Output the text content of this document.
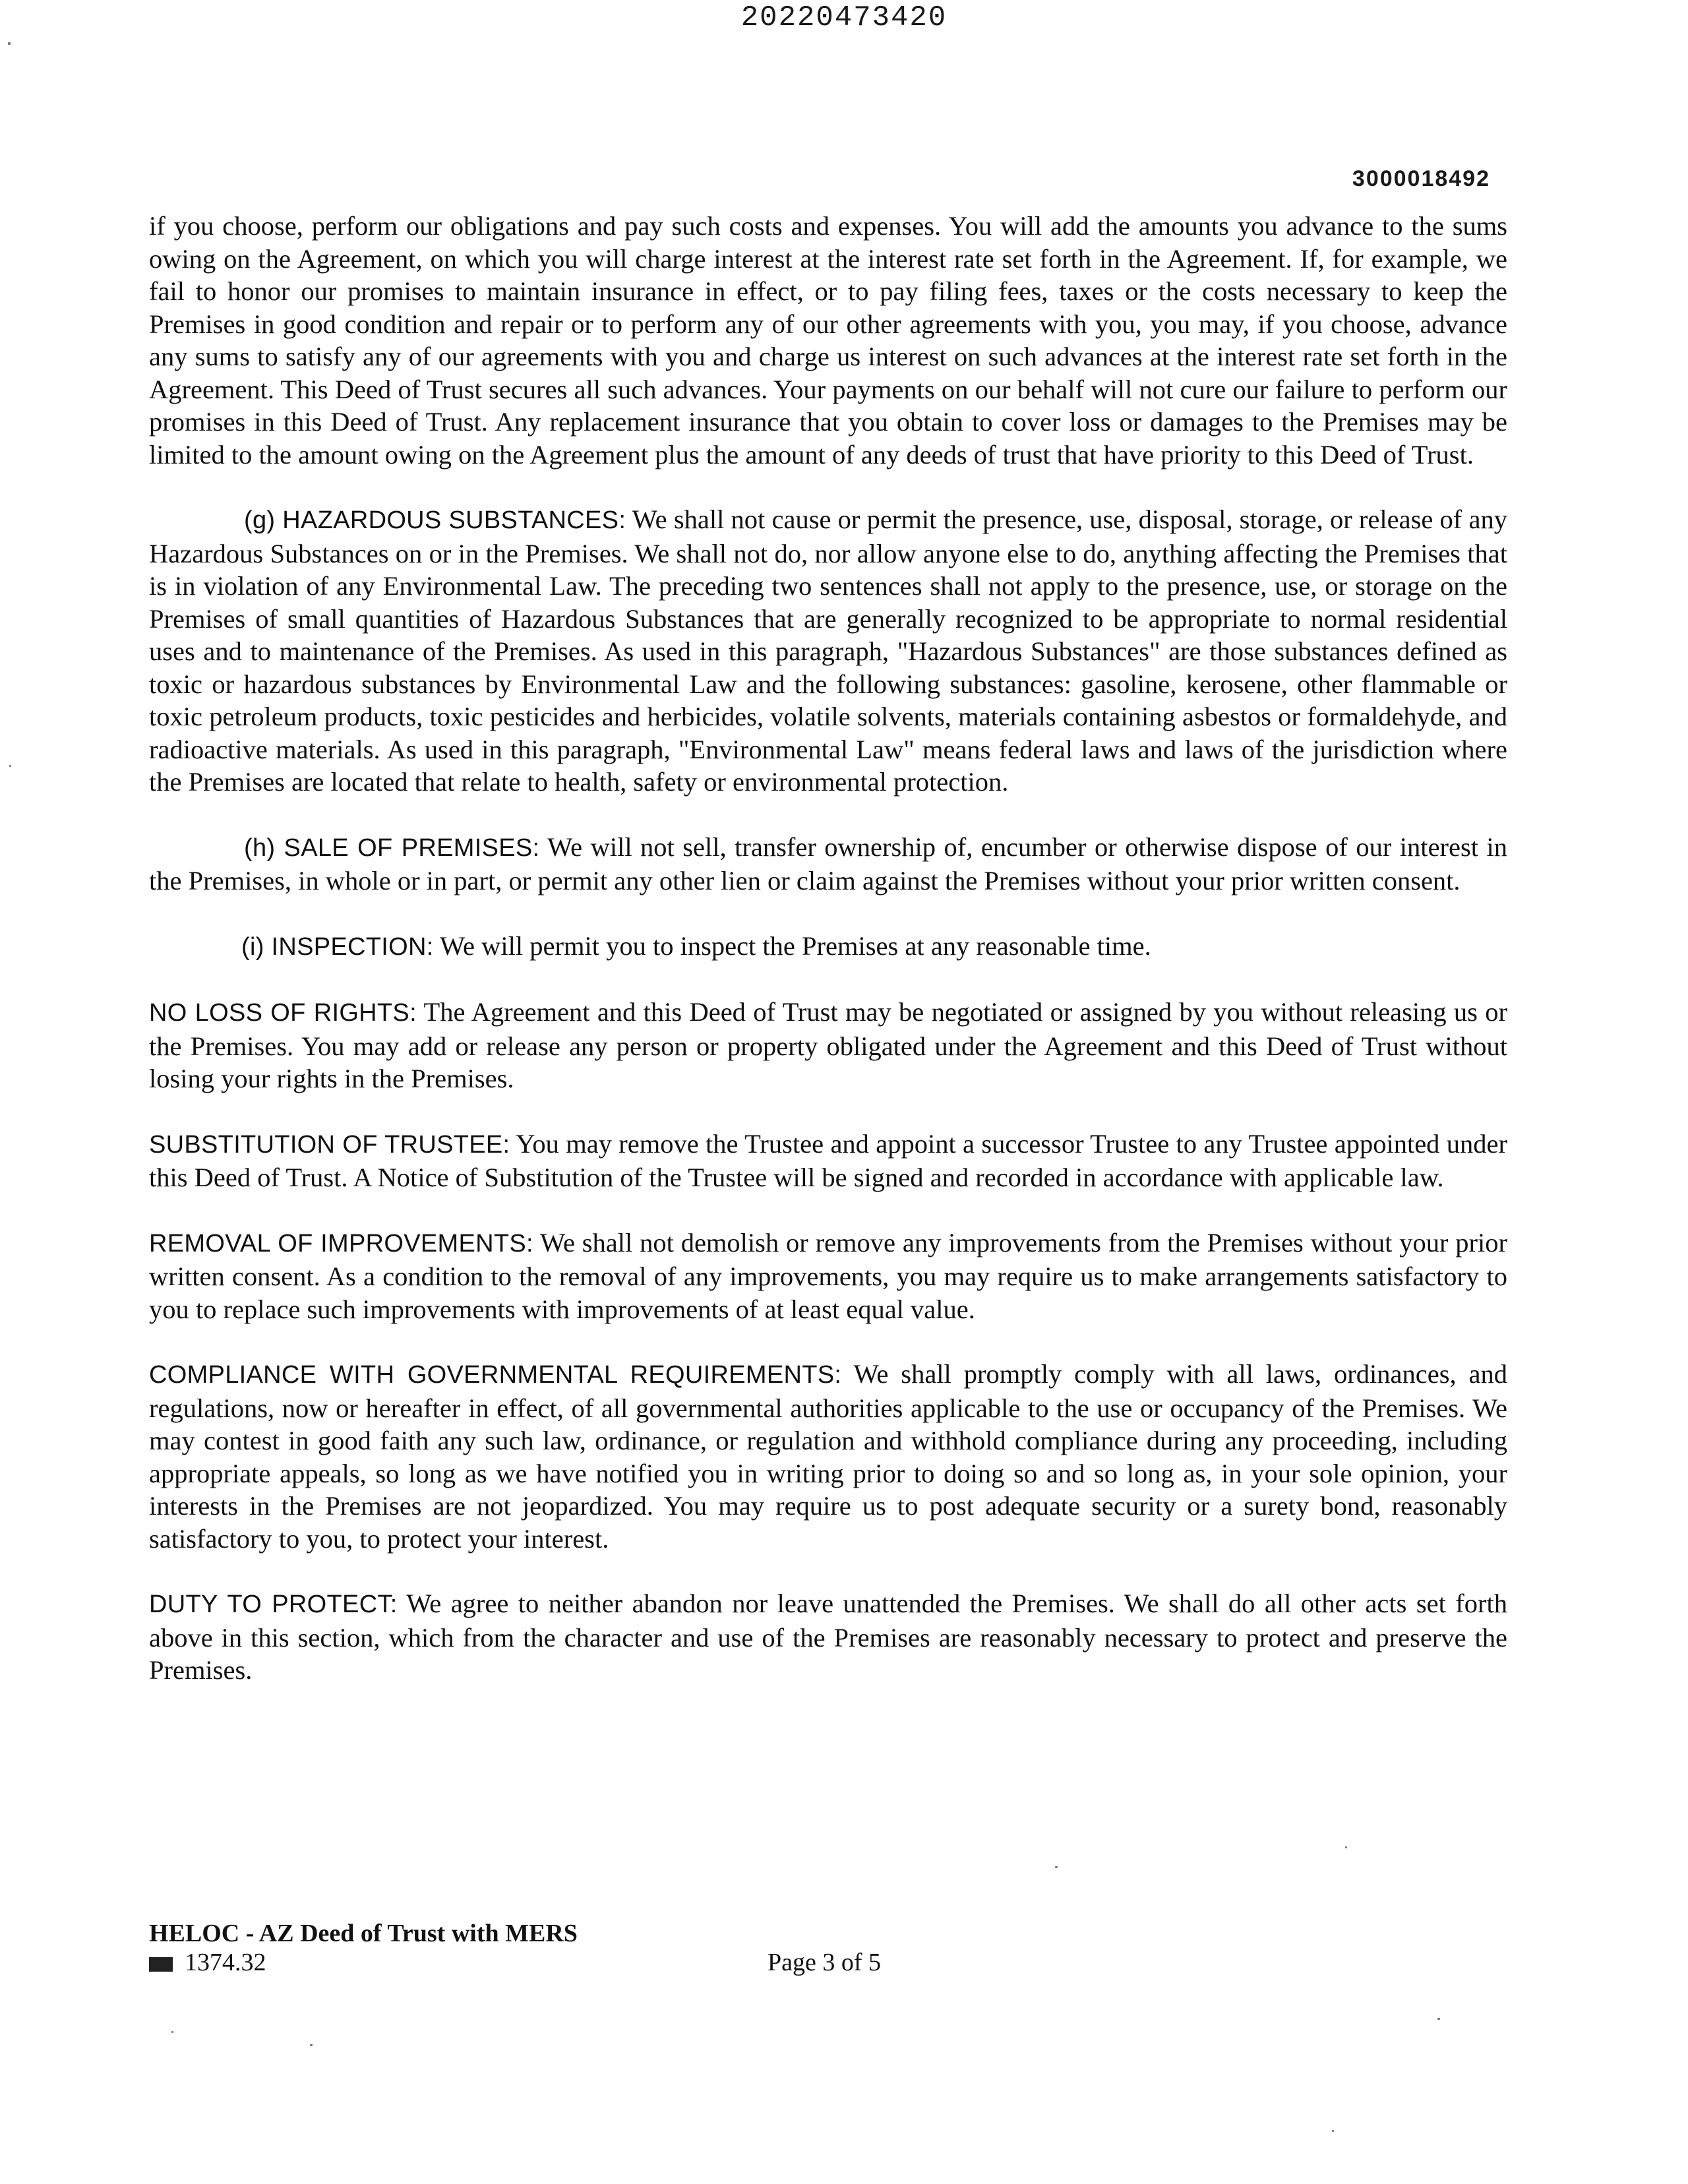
20220473420
3000018492

if you choose, perform our obligations and pay such costs and expenses. You will add the amounts you advance to the sums owing on the Agreement, on which you will charge interest at the interest rate set forth in the Agreement. If, for example, we fail to honor our promises to maintain insurance in effect, or to pay filing fees, taxes or the costs necessary to keep the Premises in good condition and repair or to perform any of our other agreements with you, you may, if you choose, advance any sums to satisfy any of our agreements with you and charge us interest on such advances at the interest rate set forth in the Agreement. This Deed of Trust secures all such advances. Your payments on our behalf will not cure our failure to perform our promises in this Deed of Trust. Any replacement insurance that you obtain to cover loss or damages to the Premises may be limited to the amount owing on the Agreement plus the amount of any deeds of trust that have priority to this Deed of Trust.

(g) HAZARDOUS SUBSTANCES: We shall not cause or permit the presence, use, disposal, storage, or release of any Hazardous Substances on or in the Premises. We shall not do, nor allow anyone else to do, anything affecting the Premises that is in violation of any Environmental Law. The preceding two sentences shall not apply to the presence, use, or storage on the Premises of small quantities of Hazardous Substances that are generally recognized to be appropriate to normal residential uses and to maintenance of the Premises. As used in this paragraph, "Hazardous Substances" are those substances defined as toxic or hazardous substances by Environmental Law and the following substances: gasoline, kerosene, other flammable or toxic petroleum products, toxic pesticides and herbicides, volatile solvents, materials containing asbestos or formaldehyde, and radioactive materials. As used in this paragraph, "Environmental Law" means federal laws and laws of the jurisdiction where the Premises are located that relate to health, safety or environmental protection.

(h) SALE OF PREMISES: We will not sell, transfer ownership of, encumber or otherwise dispose of our interest in the Premises, in whole or in part, or permit any other lien or claim against the Premises without your prior written consent.

(i) INSPECTION: We will permit you to inspect the Premises at any reasonable time.

NO LOSS OF RIGHTS: The Agreement and this Deed of Trust may be negotiated or assigned by you without releasing us or the Premises. You may add or release any person or property obligated under the Agreement and this Deed of Trust without losing your rights in the Premises.

SUBSTITUTION OF TRUSTEE: You may remove the Trustee and appoint a successor Trustee to any Trustee appointed under this Deed of Trust. A Notice of Substitution of the Trustee will be signed and recorded in accordance with applicable law.

REMOVAL OF IMPROVEMENTS: We shall not demolish or remove any improvements from the Premises without your prior written consent. As a condition to the removal of any improvements, you may require us to make arrangements satisfactory to you to replace such improvements with improvements of at least equal value.

COMPLIANCE WITH GOVERNMENTAL REQUIREMENTS: We shall promptly comply with all laws, ordinances, and regulations, now or hereafter in effect, of all governmental authorities applicable to the use or occupancy of the Premises. We may contest in good faith any such law, ordinance, or regulation and withhold compliance during any proceeding, including appropriate appeals, so long as we have notified you in writing prior to doing so and so long as, in your sole opinion, your interests in the Premises are not jeopardized. You may require us to post adequate security or a surety bond, reasonably satisfactory to you, to protect your interest.

DUTY TO PROTECT: We agree to neither abandon nor leave unattended the Premises. We shall do all other acts set forth above in this section, which from the character and use of the Premises are reasonably necessary to protect and preserve the Premises.

HELOC - AZ Deed of Trust with MERS
1374.32	Page 3 of 5
